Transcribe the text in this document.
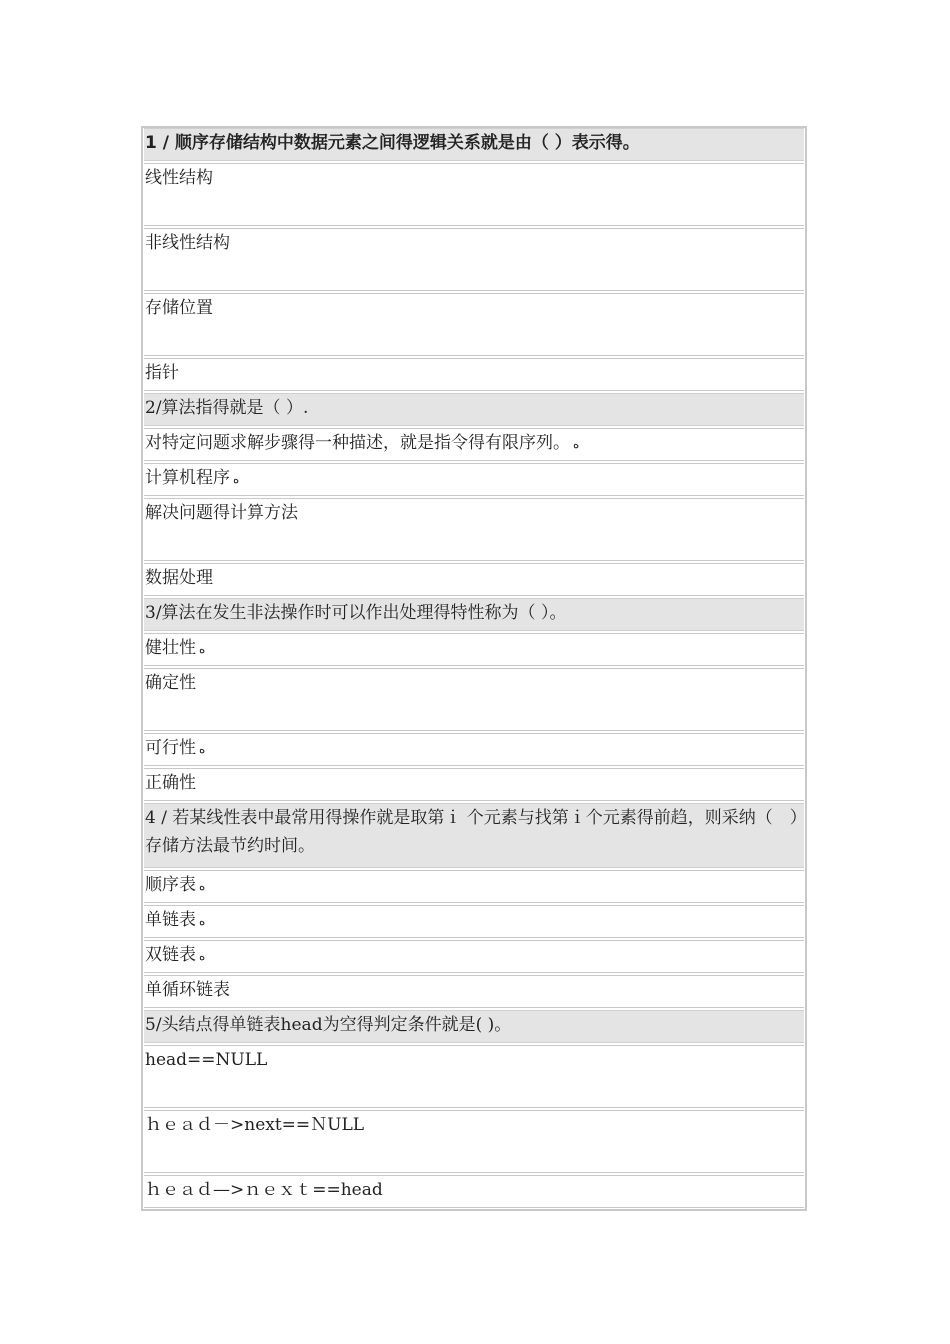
1 / 顺序存储结构中数据元素之间得逻辑关系就是由（ ）表示得。
线性结构
非线性结构
存储位置
指针
2/算法指得就是（ ）.
对特定问题求解步骤得一种描述，就是指令得有限序列。 ﻩ
计算机程序 ﻩ
解决问题得计算方法
数据处理
3/算法在发生非法操作时可以作出处理得特性称为（ ）。
健壮性 ﻩ
确定性
可行性 ﻩ
正确性
4 / 若某线性表中最常用得操作就是取第ｉ 个元素与找第ｉ个元素得前趋，则采纳（　）存储方法最节约时间。
顺序表 ﻩ
单链表 ﻩ
双链表 ﻩ
单循环链表
5/头结点得单链表head为空得判定条件就是( )。
head==NULL
ｈｅａｄ－>next==ＮULL
ｈｅａｄ—>ｎｅｘｔ==head
